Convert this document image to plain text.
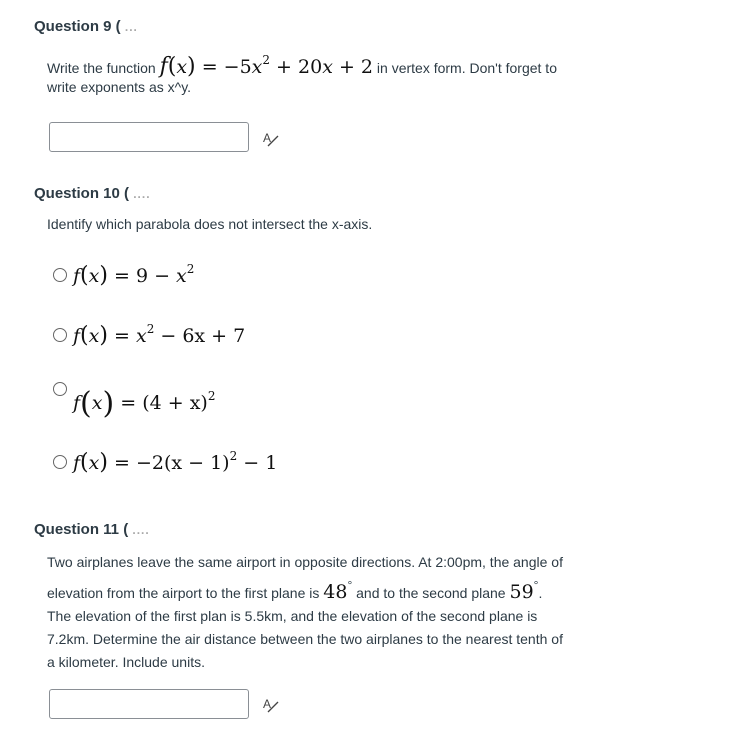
Question 9 ( ...
Write the function $f(x) = -5x^2 + 20x + 2$ in vertex form. Don't forget to
write exponents as x^y.
A
Question 10 ( ....
Identify which parabola does not intersect the x-axis.
$f(x) = 9 - x^2$
$f(x) = x^2 - 6x + 7$
$f(x) = (4 + x)^2$
$f(x) = -2(x - 1)^2 - 1$
Question 11 ( ....
Two airplanes leave the same airport in opposite directions. At 2:00pm, the angle of
elevation from the airport to the first plane is 48° and to the second plane 59°.
The elevation of the first plan is 5.5km, and the elevation of the second plane is
7.2km. Determine the air distance between the two airplanes to the nearest tenth of
a kilometer. Include units.
A
